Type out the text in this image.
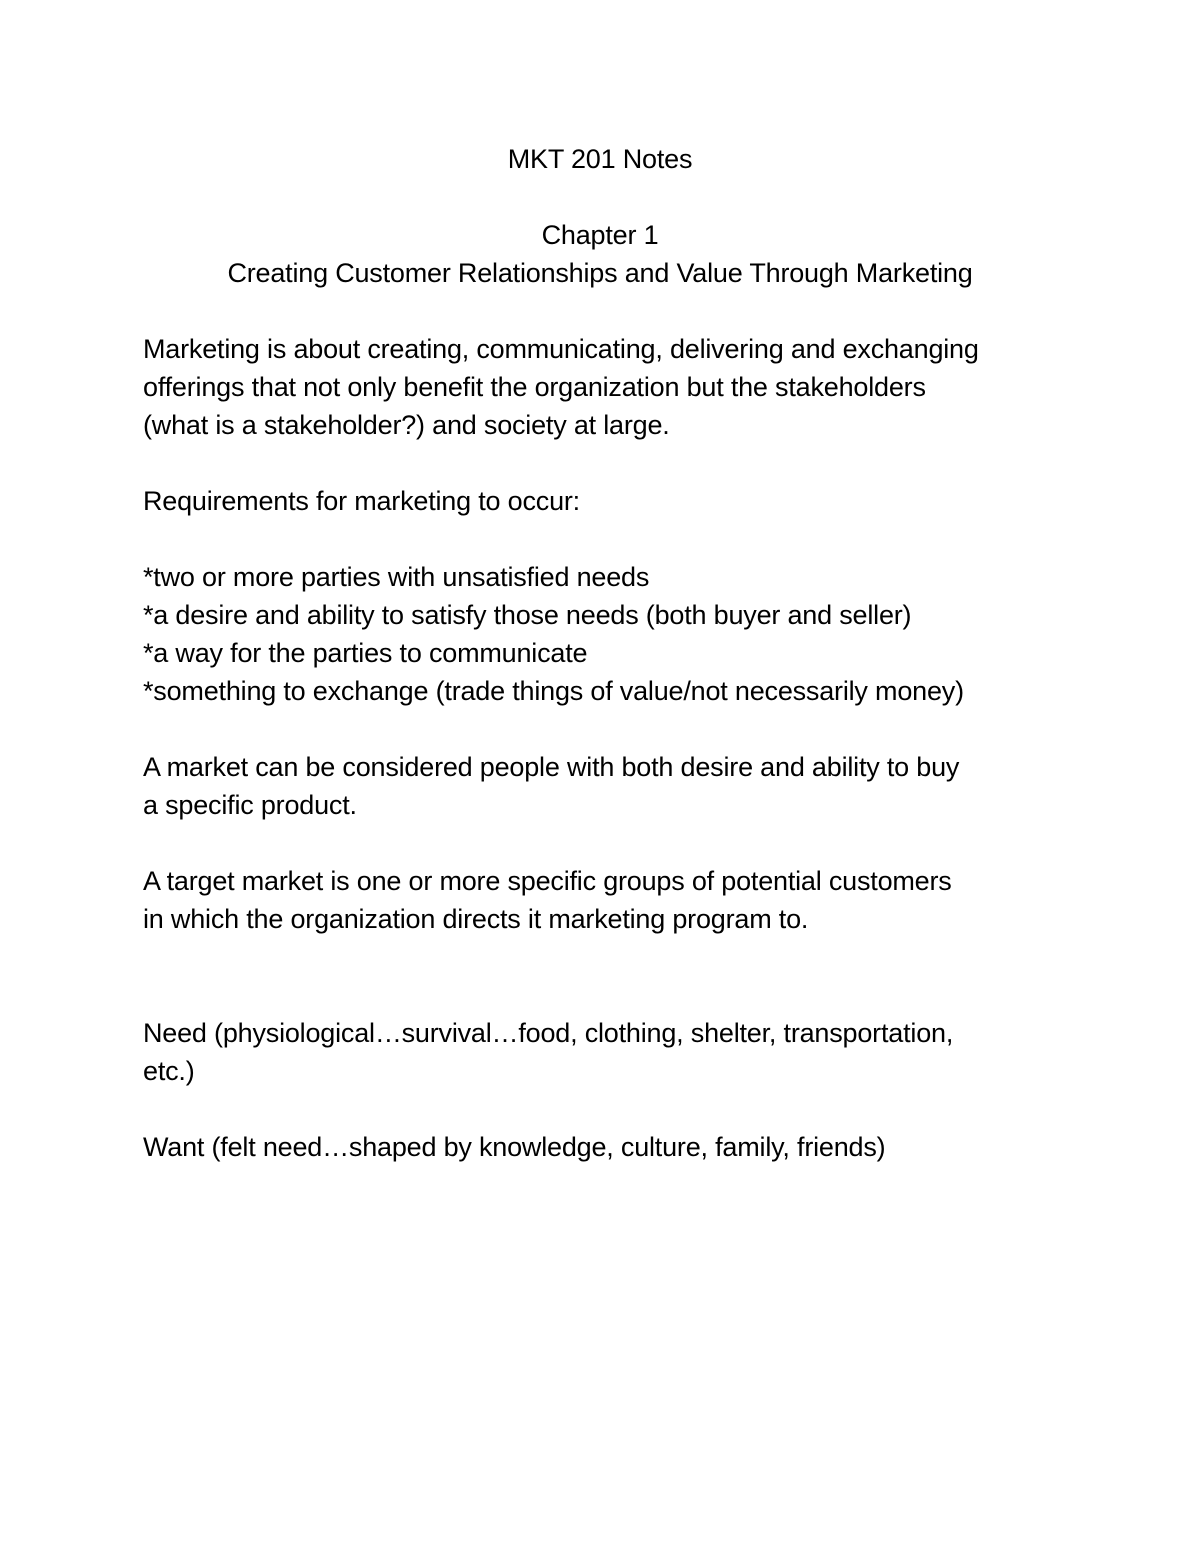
MKT 201 Notes
Chapter 1
Creating Customer Relationships and Value Through Marketing
Marketing is about creating, communicating, delivering and exchanging
offerings that not only benefit the organization but the stakeholders
(what is a stakeholder?) and society at large.
Requirements for marketing to occur:
*two or more parties with unsatisfied needs
*a desire and ability to satisfy those needs (both buyer and seller)
*a way for the parties to communicate
*something to exchange (trade things of value/not necessarily money)
A market can be considered people with both desire and ability to buy
a specific product.
A target market is one or more specific groups of potential customers
in which the organization directs it marketing program to.
Need (physiological…survival…food, clothing, shelter, transportation,
etc.)
Want (felt need…shaped by knowledge, culture, family, friends)
